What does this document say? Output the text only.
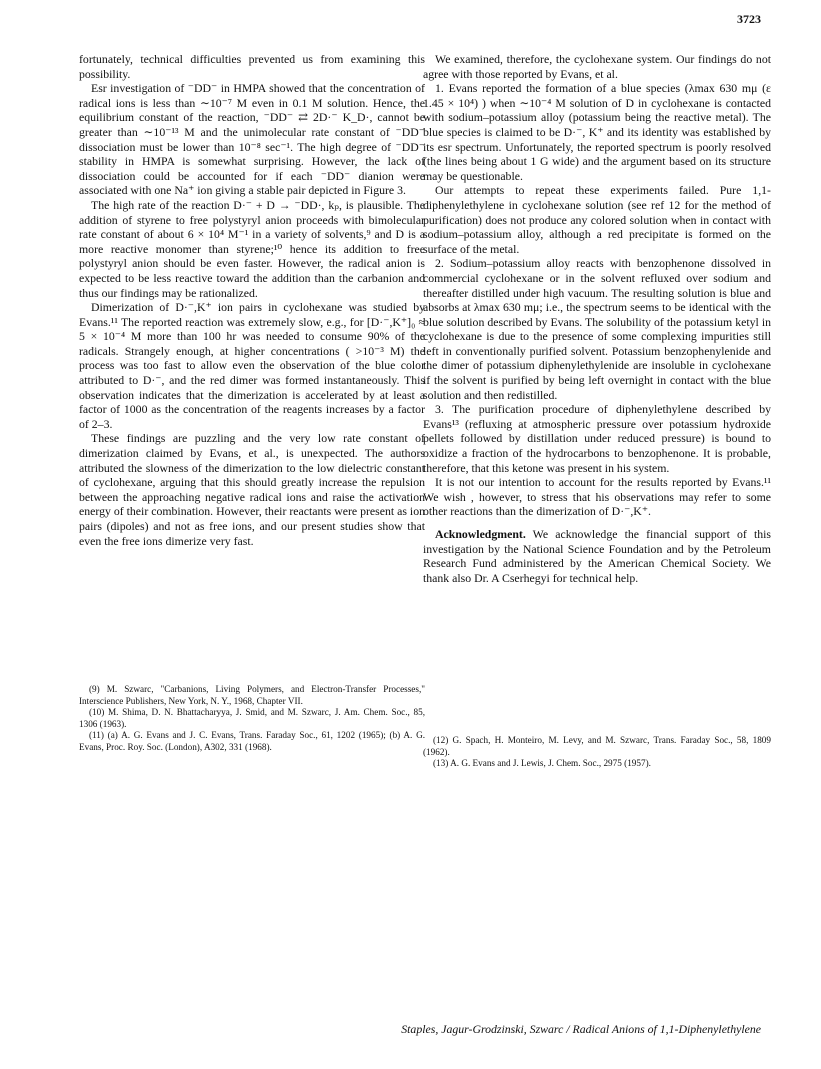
3723

fortunately, technical difficulties prevented us from examining this possibility.

Esr investigation of ⁻DD⁻ in HMPA showed that the concentration of radical ions is less than ∼10⁻⁷ M even in 0.1 M solution. Hence, the equilibrium constant of the reaction, ⁻DD⁻ ⇄ 2D·⁻ K_D·, cannot be greater than ∼10⁻¹³ M and the unimolecular rate constant of ⁻DD⁻ dissociation must be lower than 10⁻⁸ sec⁻¹. The high degree of ⁻DD⁻ stability in HMPA is somewhat surprising. However, the lack of dissociation could be accounted for if each ⁻DD⁻ dianion were associated with one Na⁺ ion giving a stable pair depicted in Figure 3.

The high rate of the reaction D·⁻ + D → ⁻DD·, kₚ, is plausible. The addition of styrene to free polystyryl anion proceeds with bimolecular rate constant of about 6 × 10⁴ M⁻¹ in a variety of solvents,⁹ and D is a more reactive monomer than styrene;¹⁰ hence its addition to free polystyryl anion should be even faster. However, the radical anion is expected to be less reactive toward the addition than the carbanion and thus our findings may be rationalized.

Dimerization of D·⁻,K⁺ ion pairs in cyclohexane was studied by Evans.¹¹ The reported reaction was extremely slow, e.g., for [D·⁻,K⁺]₀ ≈ 5 × 10⁻⁴ M more than 100 hr was needed to consume 90% of the radicals. Strangely enough, at higher concentrations ( >10⁻³ M) the process was too fast to allow even the observation of the blue color attributed to D·⁻, and the red dimer was formed instantaneously. This observation indicates that the dimerization is accelerated by at least a factor of 1000 as the concentration of the reagents increases by a factor of 2–3.

These findings are puzzling and the very low rate constant of dimerization claimed by Evans, et al., is unexpected. The authors attributed the slowness of the dimerization to the low dielectric constant of cyclohexane, arguing that this should greatly increase the repulsion between the approaching negative radical ions and raise the activation energy of their combination. However, their reactants were present as ion pairs (dipoles) and not as free ions, and our present studies show that even the free ions dimerize very fast.

(9) M. Szwarc, "Carbanions, Living Polymers, and Electron-Transfer Processes," Interscience Publishers, New York, N. Y., 1968, Chapter VII.

(10) M. Shima, D. N. Bhattacharyya, J. Smid, and M. Szwarc, J. Am. Chem. Soc., 85, 1306 (1963).

(11) (a) A. G. Evans and J. C. Evans, Trans. Faraday Soc., 61, 1202 (1965); (b) A. G. Evans, Proc. Roy. Soc. (London), A302, 331 (1968).

We examined, therefore, the cyclohexane system. Our findings do not agree with those reported by Evans, et al.

1. Evans reported the formation of a blue species (λmax 630 mμ (ε 1.45 × 10⁴) ) when ∼10⁻⁴ M solution of D in cyclohexane is contacted with sodium–potassium alloy (potassium being the reactive metal). The blue species is claimed to be D·⁻, K⁺ and its identity was established by its esr spectrum. Unfortunately, the reported spectrum is poorly resolved (the lines being about 1 G wide) and the argument based on its structure may be questionable.

Our attempts to repeat these experiments failed. Pure 1,1-diphenylethylene in cyclohexane solution (see ref 12 for the method of purification) does not produce any colored solution when in contact with sodium–potassium alloy, although a red precipitate is formed on the surface of the metal.

2. Sodium–potassium alloy reacts with benzophenone dissolved in commercial cyclohexane or in the solvent refluxed over sodium and thereafter distilled under high vacuum. The resulting solution is blue and absorbs at λmax 630 mμ; i.e., the spectrum seems to be identical with the blue solution described by Evans. The solubility of the potassium ketyl in cyclohexane is due to the presence of some complexing impurities still left in conventionally purified solvent. Potassium benzophenylenide and the dimer of potassium diphenylethylenide are insoluble in cyclohexane if the solvent is purified by being left overnight in contact with the blue solution and then redistilled.

3. The purification procedure of diphenylethylene described by Evans¹³ (refluxing at atmospheric pressure over potassium hydroxide pellets followed by distillation under reduced pressure) is bound to oxidize a fraction of the hydrocarbons to benzophenone. It is probable, therefore, that this ketone was present in his system.

It is not our intention to account for the results reported by Evans.¹¹ We wish , however, to stress that his observations may refer to some other reactions than the dimerization of D·⁻,K⁺.

Acknowledgment. We acknowledge the financial support of this investigation by the National Science Foundation and by the Petroleum Research Fund administered by the American Chemical Society. We thank also Dr. A Cserhegyi for technical help.

(12) G. Spach, H. Monteiro, M. Levy, and M. Szwarc, Trans. Faraday Soc., 58, 1809 (1962).

(13) A. G. Evans and J. Lewis, J. Chem. Soc., 2975 (1957).

Staples, Jagur-Grodzinski, Szwarc / Radical Anions of 1,1-Diphenylethylene
